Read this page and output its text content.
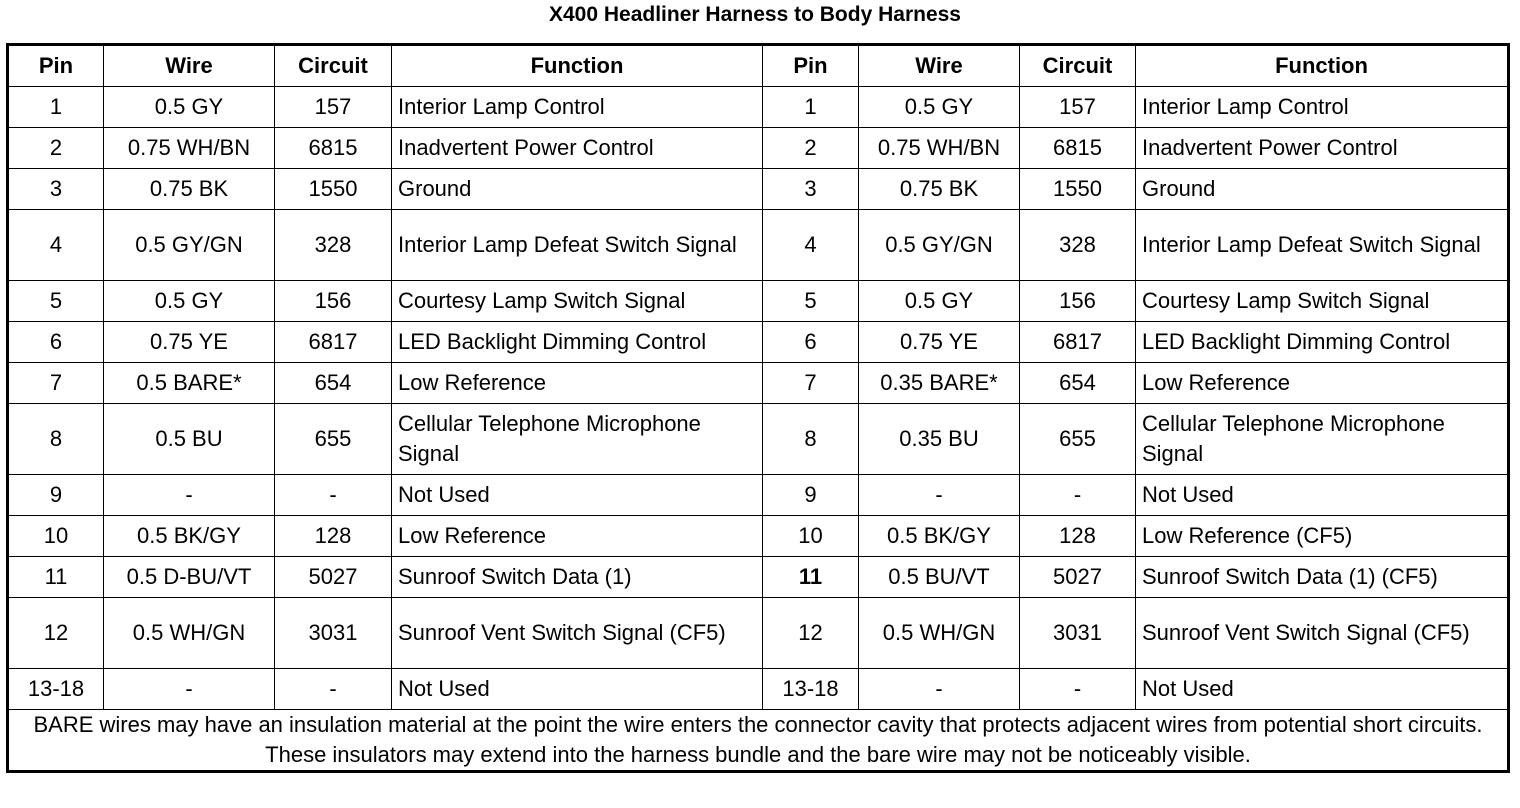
X400 Headliner Harness to Body Harness
Pin	Wire	Circuit	Function	Pin	Wire	Circuit	Function
1	0.5 GY	157	Interior Lamp Control	1	0.5 GY	157	Interior Lamp Control
2	0.75 WH/BN	6815	Inadvertent Power Control	2	0.75 WH/BN	6815	Inadvertent Power Control
3	0.75 BK	1550	Ground	3	0.75 BK	1550	Ground
4	0.5 GY/GN	328	Interior Lamp Defeat Switch Signal	4	0.5 GY/GN	328	Interior Lamp Defeat Switch Signal
5	0.5 GY	156	Courtesy Lamp Switch Signal	5	0.5 GY	156	Courtesy Lamp Switch Signal
6	0.75 YE	6817	LED Backlight Dimming Control	6	0.75 YE	6817	LED Backlight Dimming Control
7	0.5 BARE*	654	Low Reference	7	0.35 BARE*	654	Low Reference
8	0.5 BU	655	Cellular Telephone Microphone Signal	8	0.35 BU	655	Cellular Telephone Microphone Signal
9	-	-	Not Used	9	-	-	Not Used
10	0.5 BK/GY	128	Low Reference	10	0.5 BK/GY	128	Low Reference (CF5)
11	0.5 D-BU/VT	5027	Sunroof Switch Data (1)	11	0.5 BU/VT	5027	Sunroof Switch Data (1) (CF5)
12	0.5 WH/GN	3031	Sunroof Vent Switch Signal (CF5)	12	0.5 WH/GN	3031	Sunroof Vent Switch Signal (CF5)
13-18	-	-	Not Used	13-18	-	-	Not Used
BARE wires may have an insulation material at the point the wire enters the connector cavity that protects adjacent wires from potential short circuits. These insulators may extend into the harness bundle and the bare wire may not be noticeably visible.							
